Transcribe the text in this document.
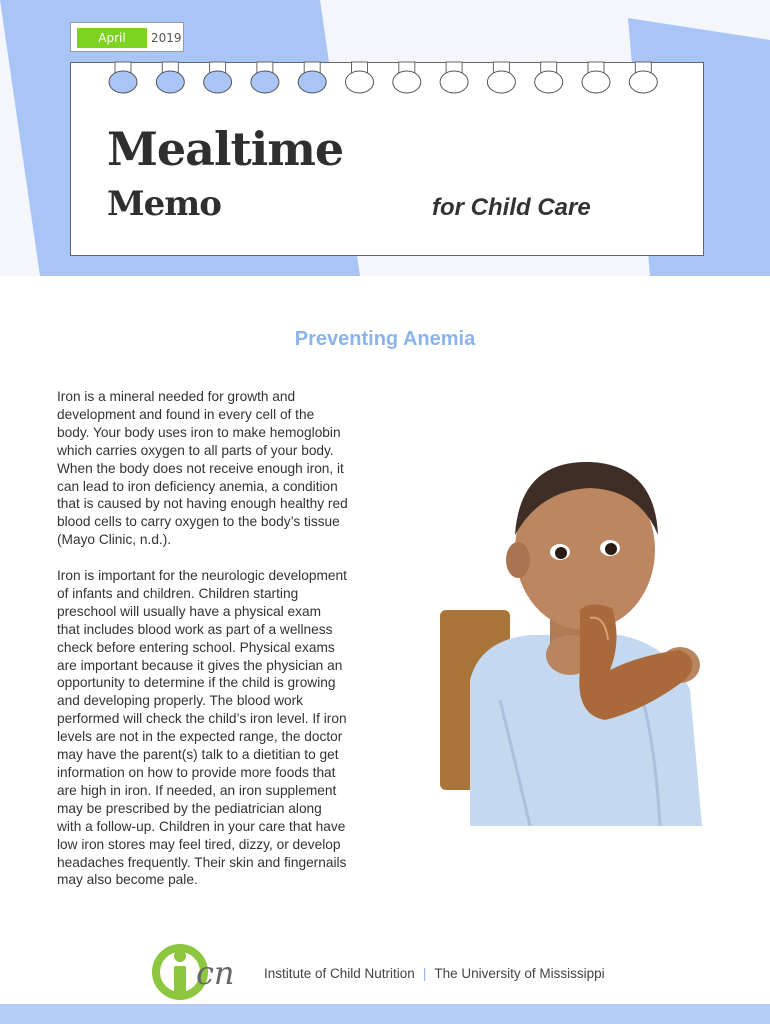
April	2019
Mealtime
Memo	for Child Care
Preventing Anemia

Iron is a mineral needed for growth and
development and found in every cell of the
body. Your body uses iron to make hemoglobin
which carries oxygen to all parts of your body.
When the body does not receive enough iron, it
can lead to iron deficiency anemia, a condition
that is caused by not having enough healthy red
blood cells to carry oxygen to the body’s tissue
(Mayo Clinic, n.d.).

Iron is important for the neurologic development
of infants and children. Children starting
preschool will usually have a physical exam
that includes blood work as part of a wellness
check before entering school. Physical exams
are important because it gives the physician an
opportunity to determine if the child is growing
and developing properly. The blood work
performed will check the child’s iron level. If iron
levels are not in the expected range, the doctor
may have the parent(s) talk to a dietitian to get
information on how to provide more foods that
are high in iron. If needed, an iron supplement
may be prescribed by the pediatrician along
with a follow-up. Children in your care that have
low iron stores may feel tired, dizzy, or develop
headaches frequently. Their skin and fingernails
may also become pale.

cn Institute of Child Nutrition | The University of Mississippi
